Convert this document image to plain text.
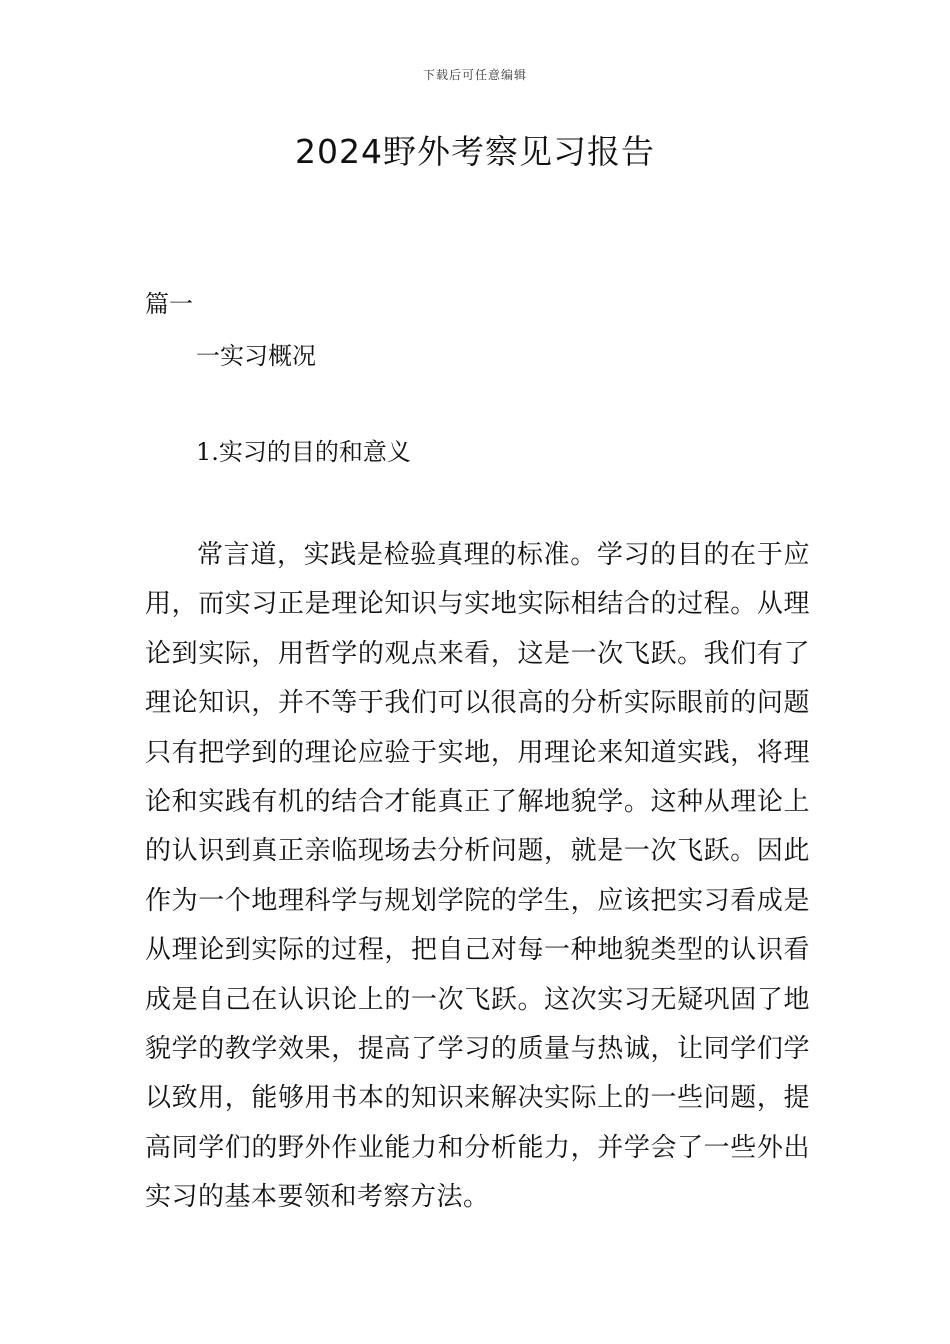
下载后可任意编辑
2024野外考察见习报告
篇一
一实习概况
1.实习的目的和意义

常言道，实践是检验真理的标准。学习的目的在于应用，而实习正是理论知识与实地实际相结合的过程。从理论到实际，用哲学的观点来看，这是一次飞跃。我们有了理论知识，并不等于我们可以很高的分析实际眼前的问题只有把学到的理论应验于实地，用理论来知道实践，将理论和实践有机的结合才能真正了解地貌学。这种从理论上的认识到真正亲临现场去分析问题，就是一次飞跃。因此作为一个地理科学与规划学院的学生，应该把实习看成是从理论到实际的过程，把自己对每一种地貌类型的认识看成是自己在认识论上的一次飞跃。这次实习无疑巩固了地貌学的教学效果，提高了学习的质量与热诚，让同学们学以致用，能够用书本的知识来解决实际上的一些问题，提高同学们的野外作业能力和分析能力，并学会了一些外出实习的基本要领和考察方法。
